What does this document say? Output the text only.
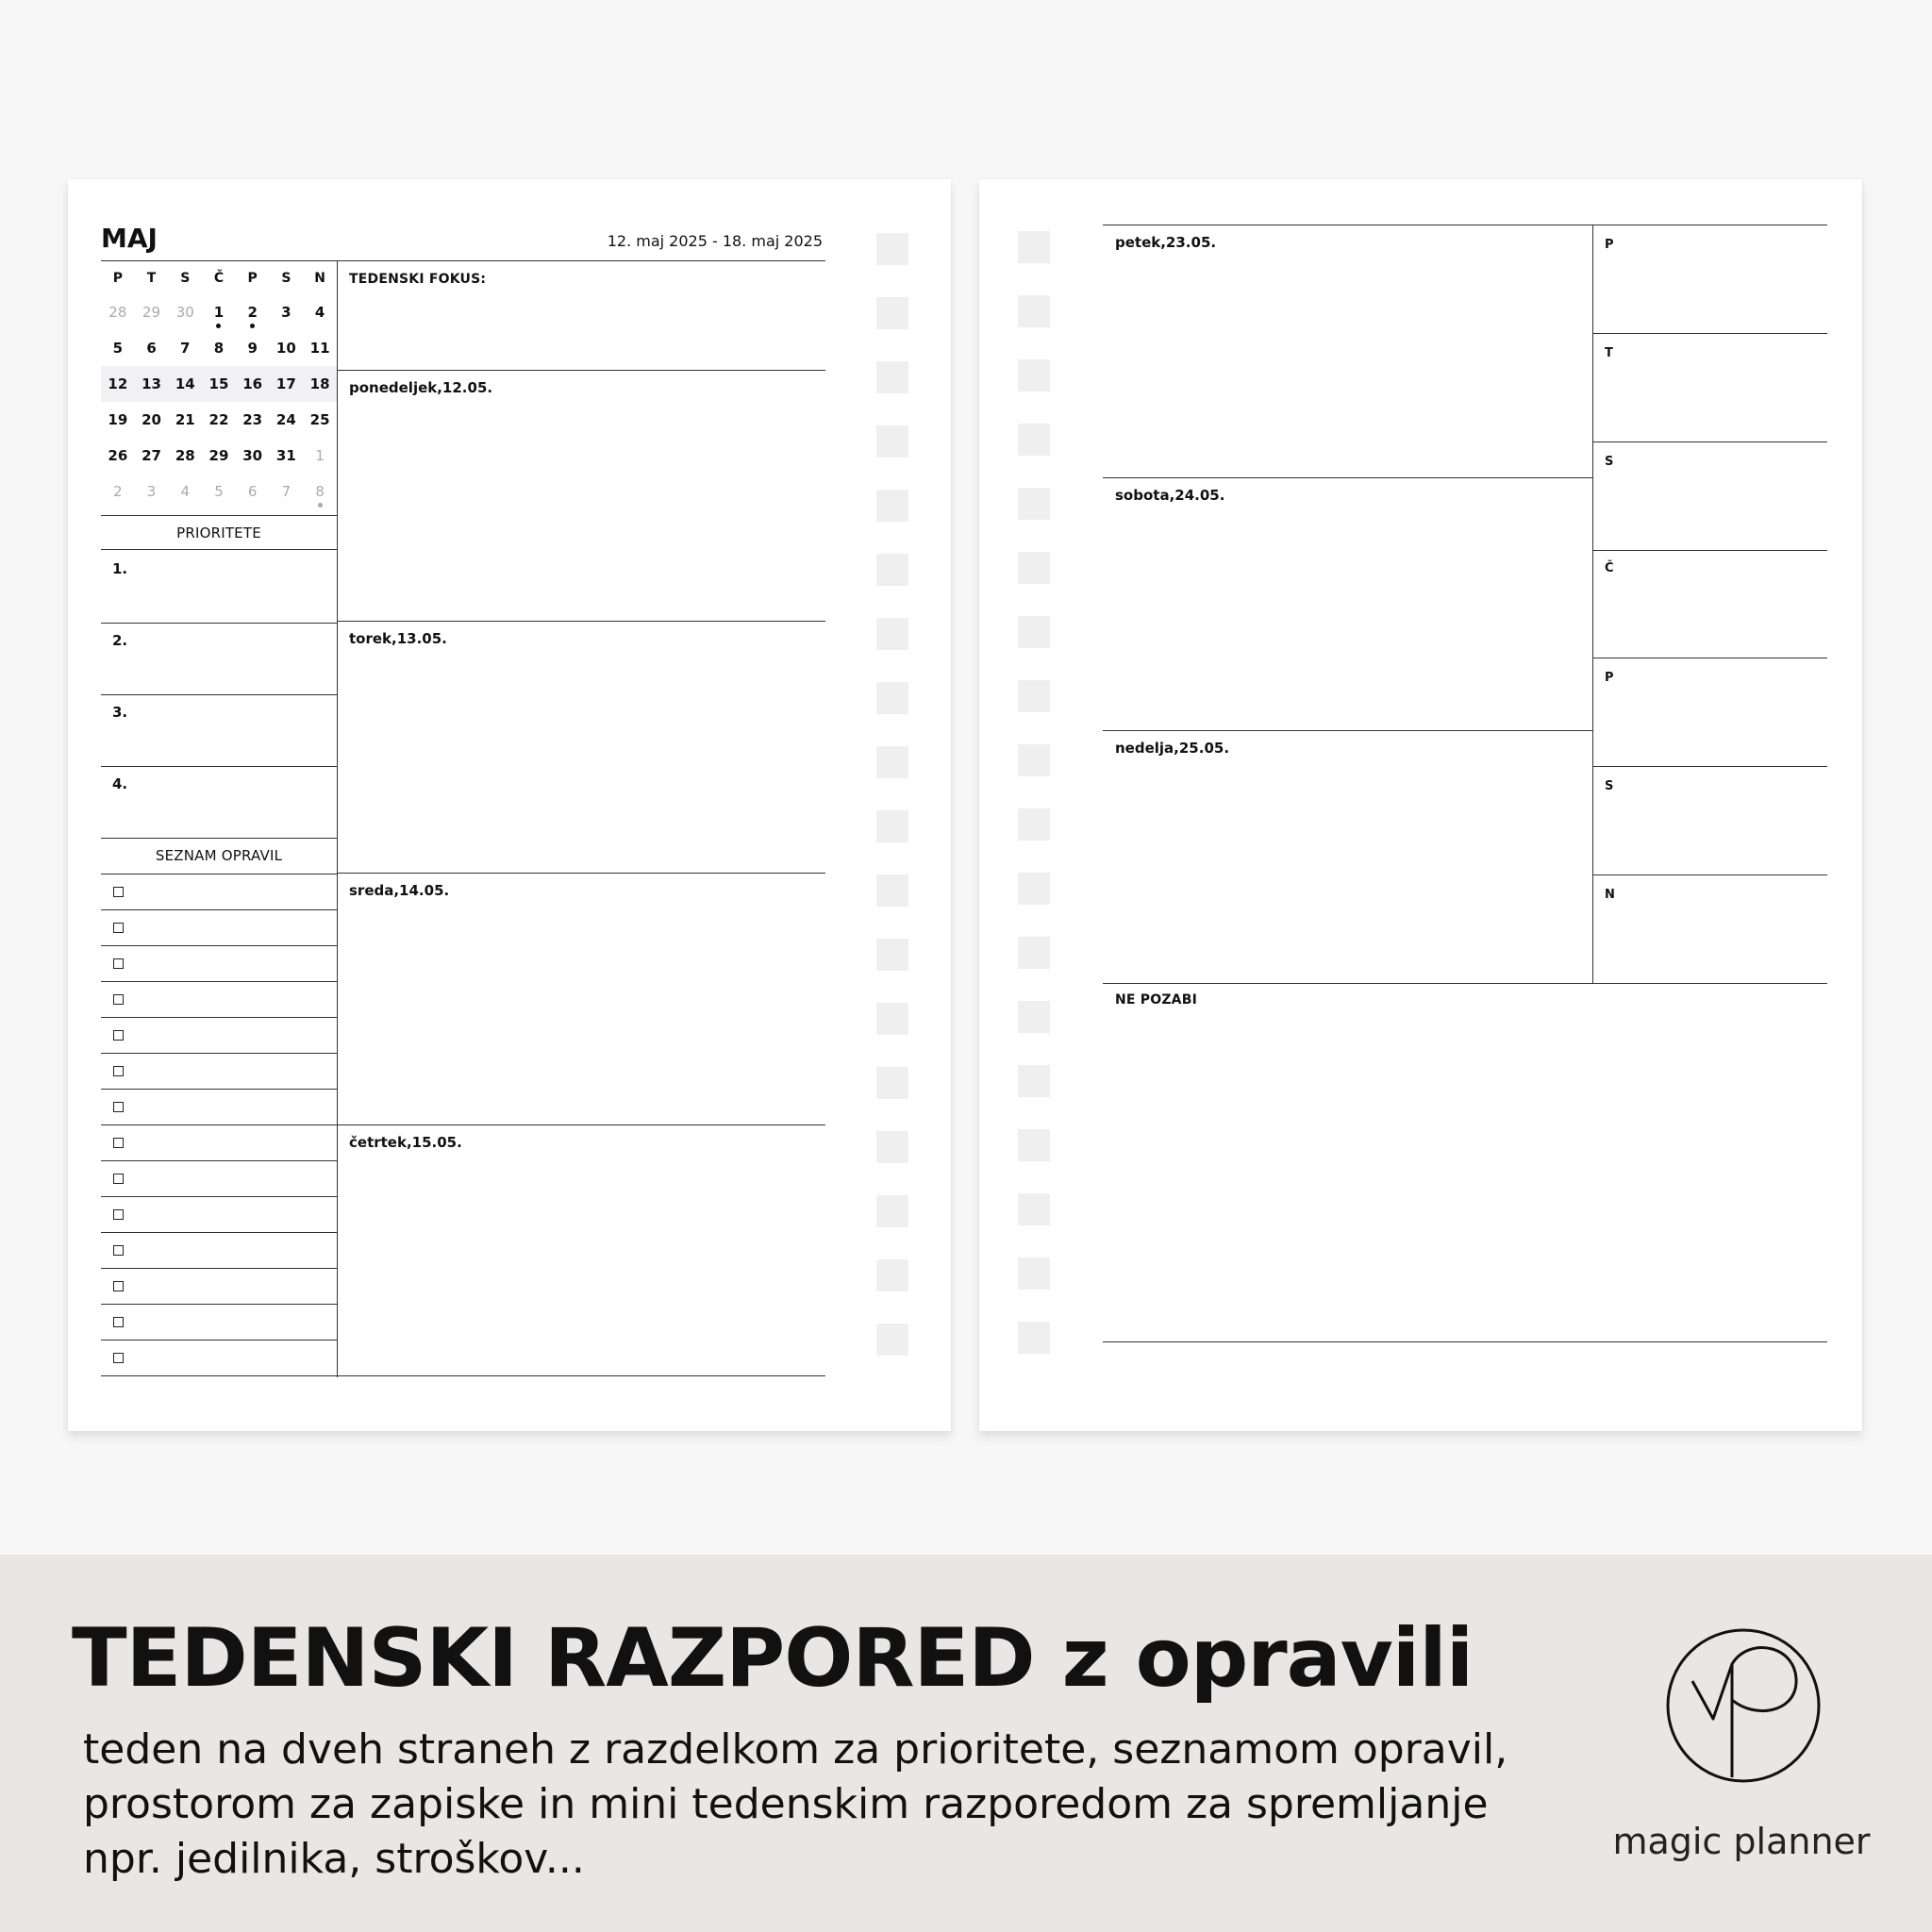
MAJ	12. maj 2025 - 18. maj 2025
P	T	S	Č	P	S	N
28	29	30	1	2	3	4
5	6	7	8	9	10	11
12	13	14	15	16	17	18
19	20	21	22	23	24	25
26	27	28	29	30	31	1
2	3	4	5	6	7	8
PRIORITETE
1.
2.
3.
4.
SEZNAM OPRAVIL
TEDENSKI FOKUS:
ponedeljek,12.05.
torek,13.05.
sreda,14.05.
četrtek,15.05.
petek,23.05.
sobota,24.05.
nedelja,25.05.
P
T
S
Č
P
S
N
NE POZABI
TEDENSKI RAZPORED z opravili
teden na dveh straneh z razdelkom za prioritete, seznamom opravil, prostorom za zapiske in mini tedenskim razporedom za spremljanje npr. jedilnika, stroškov...	magic planner
